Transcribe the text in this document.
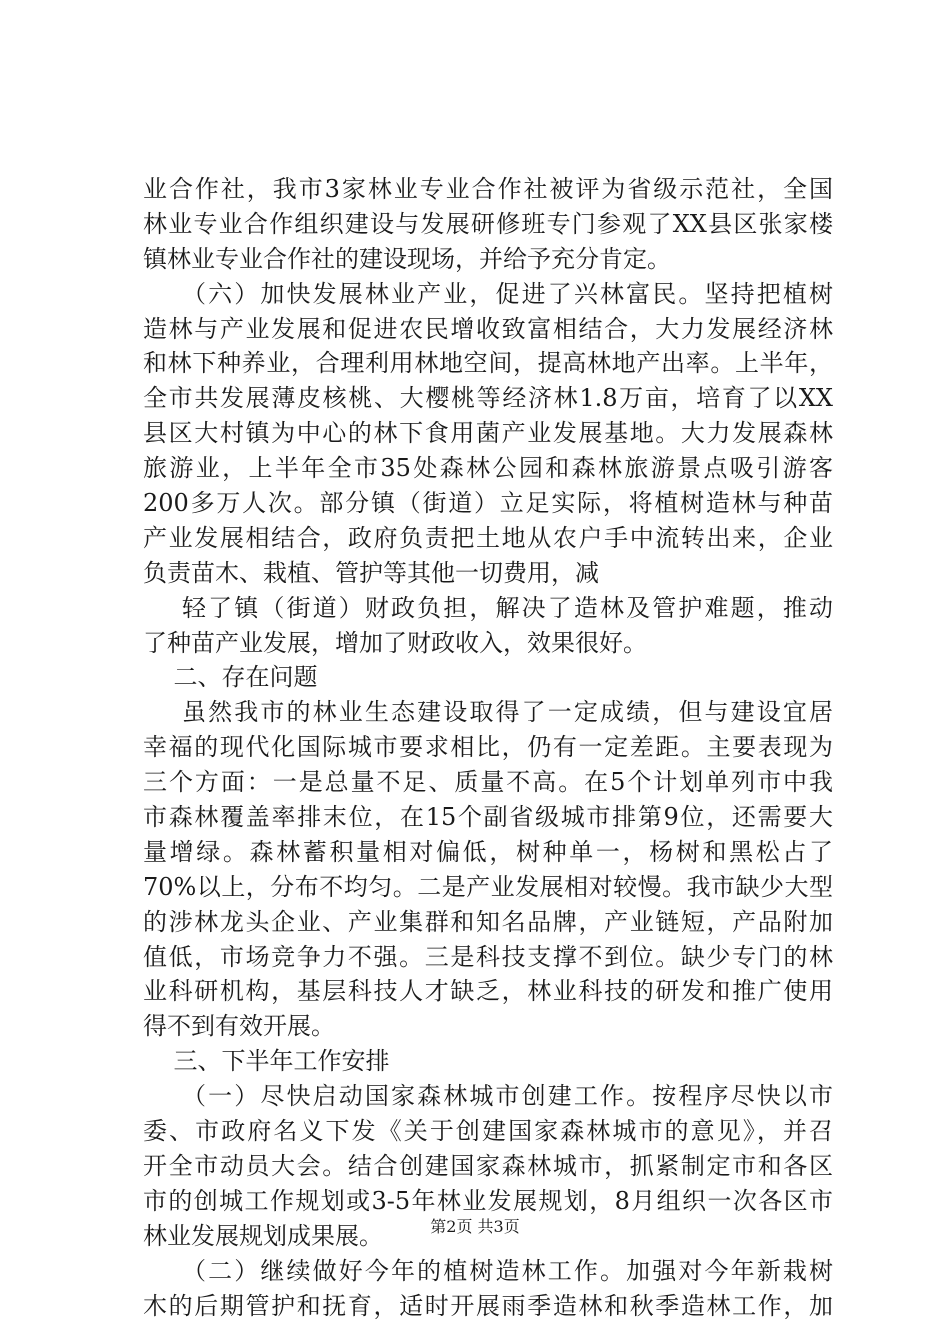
业合作社，我市3家林业专业合作社被评为省级示范社，全国
林业专业合作组织建设与发展研修班专门参观了XX县区张家楼
镇林业专业合作社的建设现场，并给予充分肯定。
（六）加快发展林业产业，促进了兴林富民。坚持把植树
造林与产业发展和促进农民增收致富相结合，大力发展经济林
和林下种养业，合理利用林地空间，提高林地产出率。上半年，
全市共发展薄皮核桃、大樱桃等经济林1.8万亩，培育了以XX
县区大村镇为中心的林下食用菌产业发展基地。大力发展森林
旅游业，上半年全市35处森林公园和森林旅游景点吸引游客
200多万人次。部分镇（街道）立足实际，将植树造林与种苗
产业发展相结合，政府负责把土地从农户手中流转出来，企业
负责苗木、栽植、管护等其他一切费用，减
轻了镇（街道）财政负担，解决了造林及管护难题，推动
了种苗产业发展，增加了财政收入，效果很好。
二、存在问题
虽然我市的林业生态建设取得了一定成绩，但与建设宜居
幸福的现代化国际城市要求相比，仍有一定差距。主要表现为
三个方面：一是总量不足、质量不高。在5个计划单列市中我
市森林覆盖率排末位，在15个副省级城市排第9位，还需要大
量增绿。森林蓄积量相对偏低，树种单一，杨树和黑松占了
70%以上，分布不均匀。二是产业发展相对较慢。我市缺少大型
的涉林龙头企业、产业集群和知名品牌，产业链短，产品附加
值低，市场竞争力不强。三是科技支撑不到位。缺少专门的林
业科研机构，基层科技人才缺乏，林业科技的研发和推广使用
得不到有效开展。
三、下半年工作安排
（一）尽快启动国家森林城市创建工作。按程序尽快以市
委、市政府名义下发《关于创建国家森林城市的意见》，并召
开全市动员大会。结合创建国家森林城市，抓紧制定市和各区
市的创城工作规划或3-5年林业发展规划，8月组织一次各区市
林业发展规划成果展。
（二）继续做好今年的植树造林工作。加强对今年新栽树
木的后期管护和抚育，适时开展雨季造林和秋季造林工作，加
第2页 共3页
